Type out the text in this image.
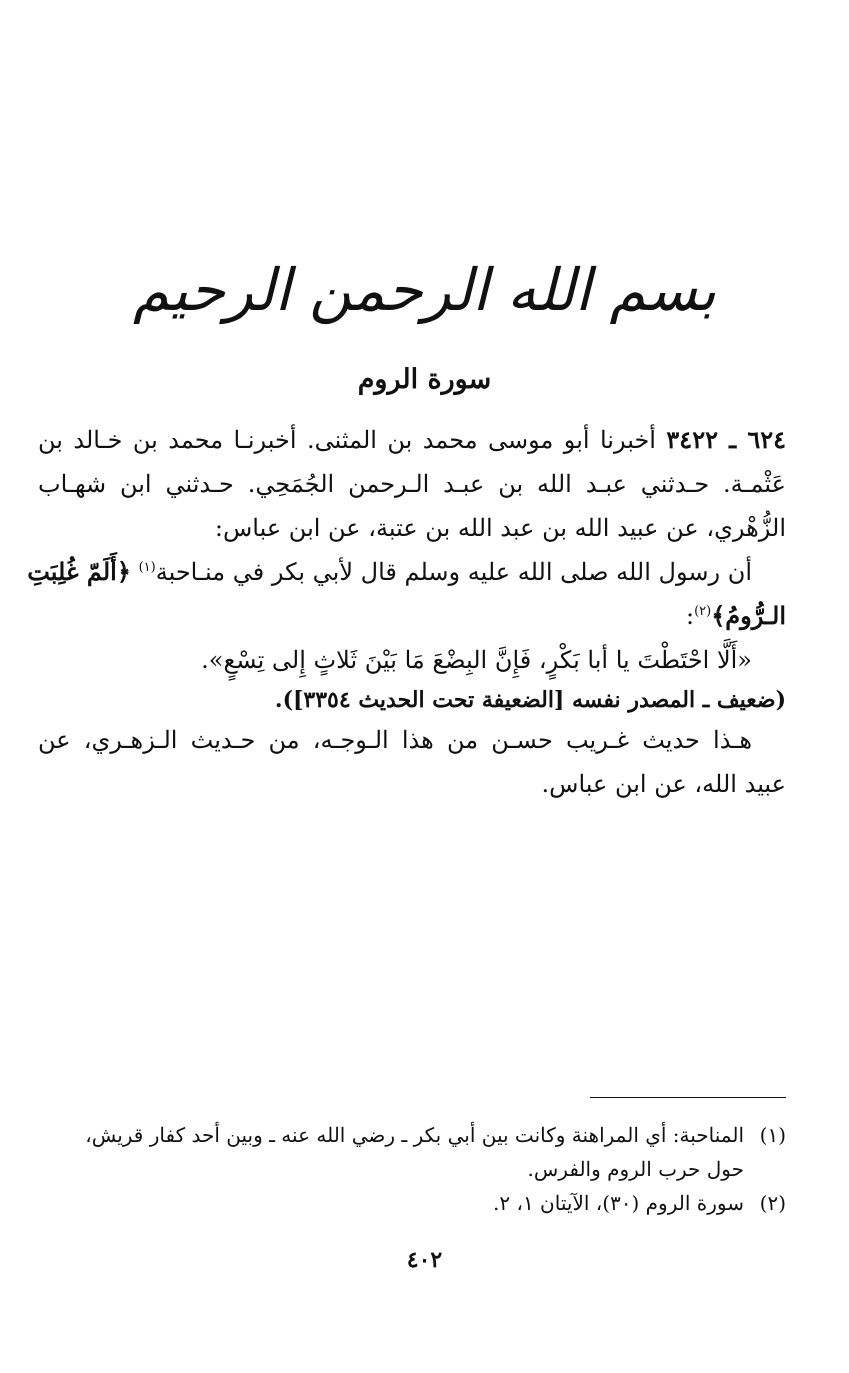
بسم الله الرحمن الرحيم
سورة الروم
٦٢٤ ـ ٣٤٢٢ أخبرنا أبو موسى محمد بن المثنى. أخبرنـا محمد بن خـالد بن
عَثْمـة. حـدثني عبـد الله بن عبـد الـرحمن الجُمَحِي. حـدثني ابن شهـاب
الزُّهْري، عن عبيد الله بن عبد الله بن عتبة، عن ابن عباس:
أن رسول الله صلى الله عليه وسلم قال لأبي بكر في منـاحبة$^{(١)}$ ﴿أَلَمّ غُلِبَتِ
الـرُّومُ﴾$^{(٢)}$:
«أَلَّا احْتَطْتَ يا أبا بَكْرٍ، فَإِنَّ البِضْعَ مَا بَيْنَ ثَلاثٍ إِلى تِسْعٍ».
(ضعيف ـ المصدر نفسه [الضعيفة تحت الحديث ٣٣٥٤]).
هـذا حديث غـريب حسـن من هذا الـوجـه، من حـديث الـزهـري، عن
عبيد الله، عن ابن عباس.
(١)المناحبة: أي المراهنة وكانت بين أبي بكر ـ رضي الله عنه ـ وبين أحد كفار قريش،
حول حرب الروم والفرس.
(٢)سورة الروم (٣٠)، الآيتان ١، ٢.
٤٠٢
